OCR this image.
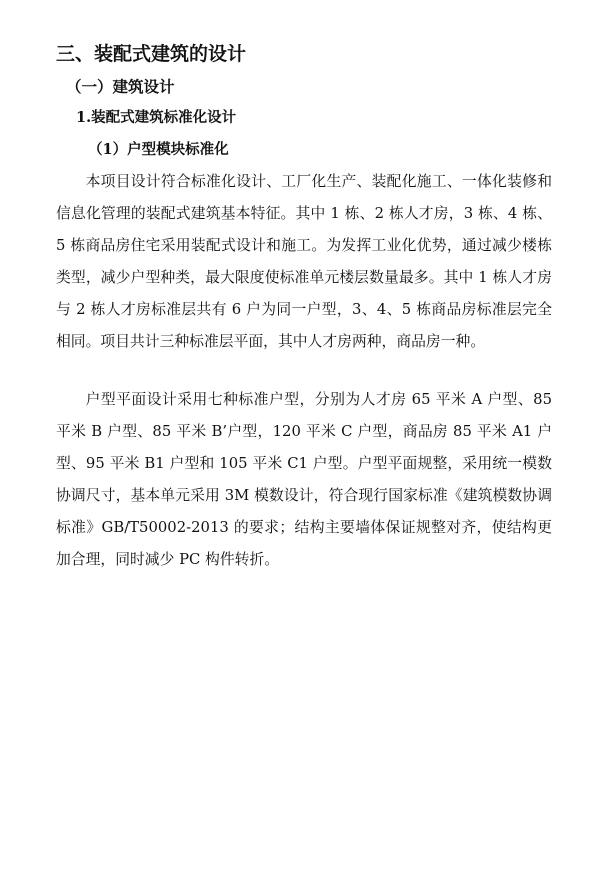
三、装配式建筑的设计
（一）建筑设计
1.装配式建筑标准化设计
（1）户型模块标准化

本项目设计符合标准化设计、工厂化生产、装配化施工、一体化装修和信息化管理的装配式建筑基本特征。其中 1 栋、2 栋人才房，3 栋、4 栋、5 栋商品房住宅采用装配式设计和施工。为发挥工业化优势，通过减少楼栋类型，减少户型种类，最大限度使标准单元楼层数量最多。其中 1 栋人才房与 2 栋人才房标准层共有 6 户为同一户型，3、4、5 栋商品房标准层完全相同。项目共计三种标准层平面，其中人才房两种，商品房一种。

户型平面设计采用七种标准户型，分别为人才房 65 平米 A 户型、85 平米 B 户型、85 平米 B’户型，120 平米 C 户型，商品房 85 平米 A1 户型、95 平米 B1 户型和 105 平米 C1 户型。户型平面规整，采用统一模数协调尺寸，基本单元采用 3M 模数设计，符合现行国家标准《建筑模数协调标准》GB/T50002-2013 的要求；结构主要墙体保证规整对齐，使结构更加合理，同时减少 PC 构件转折。
